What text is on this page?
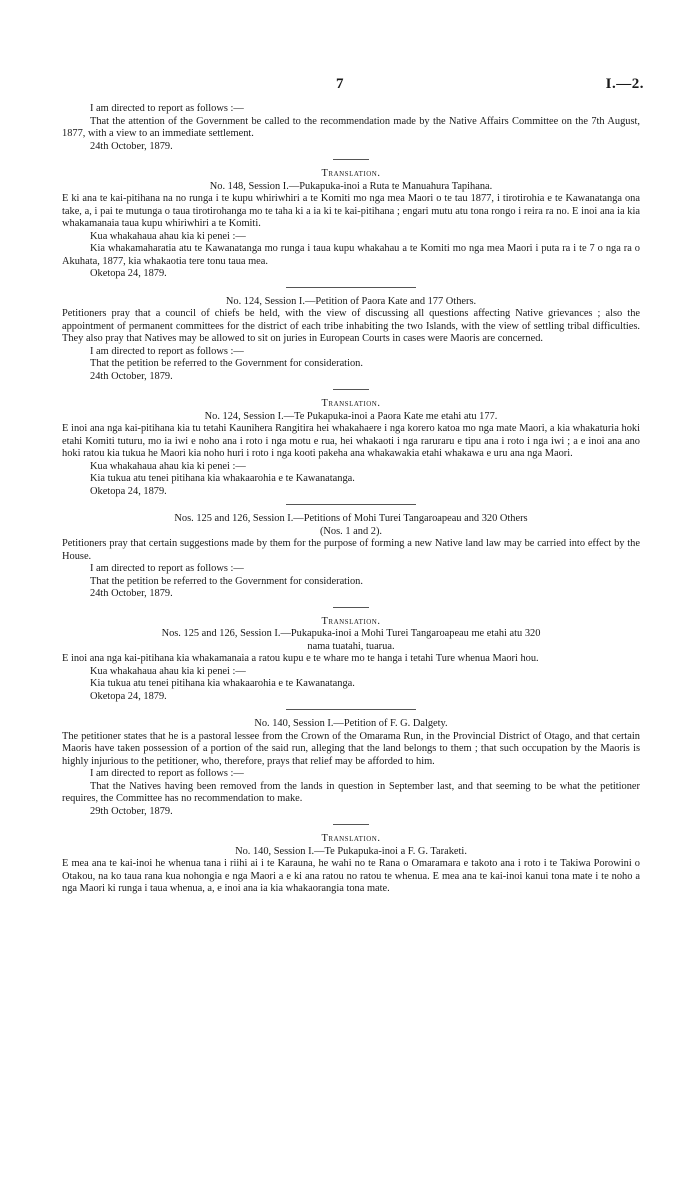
7	I.—2.

I am directed to report as follows :—

That the attention of the Government be called to the recommendation made by the Native Affairs Committee on the 7th August, 1877, with a view to an immediate settlement.

24th October, 1879.

Translation.

No. 148, Session I.—Pukapuka-inoi a Ruta te Manuahura Tapihana.

E ki ana te kai-pitihana na no runga i te kupu whiriwhiri a te Komiti mo nga mea Maori o te tau 1877, i tirotirohia e te Kawanatanga ona take, a, i pai te mutunga o taua tirotirohanga mo te taha ki a ia ki te kai-pitihana ; engari mutu atu tona rongo i reira ra no. E inoi ana ia kia whakamanaia taua kupu whiriwhiri a te Komiti.

Kua whakahaua ahau kia ki penei :—

Kia whakamaharatia atu te Kawanatanga mo runga i taua kupu whakahau a te Komiti mo nga mea Maori i puta ra i te 7 o nga ra o Akuhata, 1877, kia whakaotia tere tonu taua mea.

Oketopa 24, 1879.

No. 124, Session I.—Petition of Paora Kate and 177 Others.

Petitioners pray that a council of chiefs be held, with the view of discussing all questions affecting Native grievances ; also the appointment of permanent committees for the district of each tribe inhabiting the two Islands, with the view of settling tribal difficulties. They also pray that Natives may be allowed to sit on juries in European Courts in cases were Maoris are concerned.

I am directed to report as follows :—

That the petition be referred to the Government for consideration.

24th October, 1879.

Translation.

No. 124, Session I.—Te Pukapuka-inoi a Paora Kate me etahi atu 177.

E inoi ana nga kai-pitihana kia tu tetahi Kaunihera Rangitira hei whakahaere i nga korero katoa mo nga mate Maori, a kia whakaturia hoki etahi Komiti tuturu, mo ia iwi e noho ana i roto i nga motu e rua, hei whakaoti i nga raruraru e tipu ana i roto i nga iwi ; a e inoi ana ano hoki ratou kia tukua he Maori kia noho huri i roto i nga kooti pakeha ana whakawakia etahi whakawa e uru ana nga Maori.

Kua whakahaua ahau kia ki penei :—

Kia tukua atu tenei pitihana kia whakaarohia e te Kawanatanga.

Oketopa 24, 1879.

Nos. 125 and 126, Session I.—Petitions of Mohi Turei Tangaroapeau and 320 Others

(Nos. 1 and 2).

Petitioners pray that certain suggestions made by them for the purpose of forming a new Native land law may be carried into effect by the House.

I am directed to report as follows :—

That the petition be referred to the Government for consideration.

24th October, 1879.

Translation.

Nos. 125 and 126, Session I.—Pukapuka-inoi a Mohi Turei Tangaroapeau me etahi atu 320

nama tuatahi, tuarua.

E inoi ana nga kai-pitihana kia whakamanaia a ratou kupu e te whare mo te hanga i tetahi Ture whenua Maori hou.

Kua whakahaua ahau kia ki penei :—

Kia tukua atu tenei pitihana kia whakaarohia e te Kawanatanga.

Oketopa 24, 1879.

No. 140, Session I.—Petition of F. G. Dalgety.

The petitioner states that he is a pastoral lessee from the Crown of the Omarama Run, in the Provincial District of Otago, and that certain Maoris have taken possession of a portion of the said run, alleging that the land belongs to them ; that such occupation by the Maoris is highly injurious to the petitioner, who, therefore, prays that relief may be afforded to him.

I am directed to report as follows :—

That the Natives having been removed from the lands in question in September last, and that seeming to be what the petitioner requires, the Committee has no recommendation to make.

29th October, 1879.

Translation.

No. 140, Session I.—Te Pukapuka-inoi a F. G. Taraketi.

E mea ana te kai-inoi he whenua tana i riihi ai i te Karauna, he wahi no te Rana o Omaramara e takoto ana i roto i te Takiwa Porowini o Otakou, na ko taua rana kua nohongia e nga Maori a e ki ana ratou no ratou te whenua. E mea ana te kai-inoi kanui tona mate i te noho a nga Maori ki runga i taua whenua, a, e inoi ana ia kia whakaorangia tona mate.
